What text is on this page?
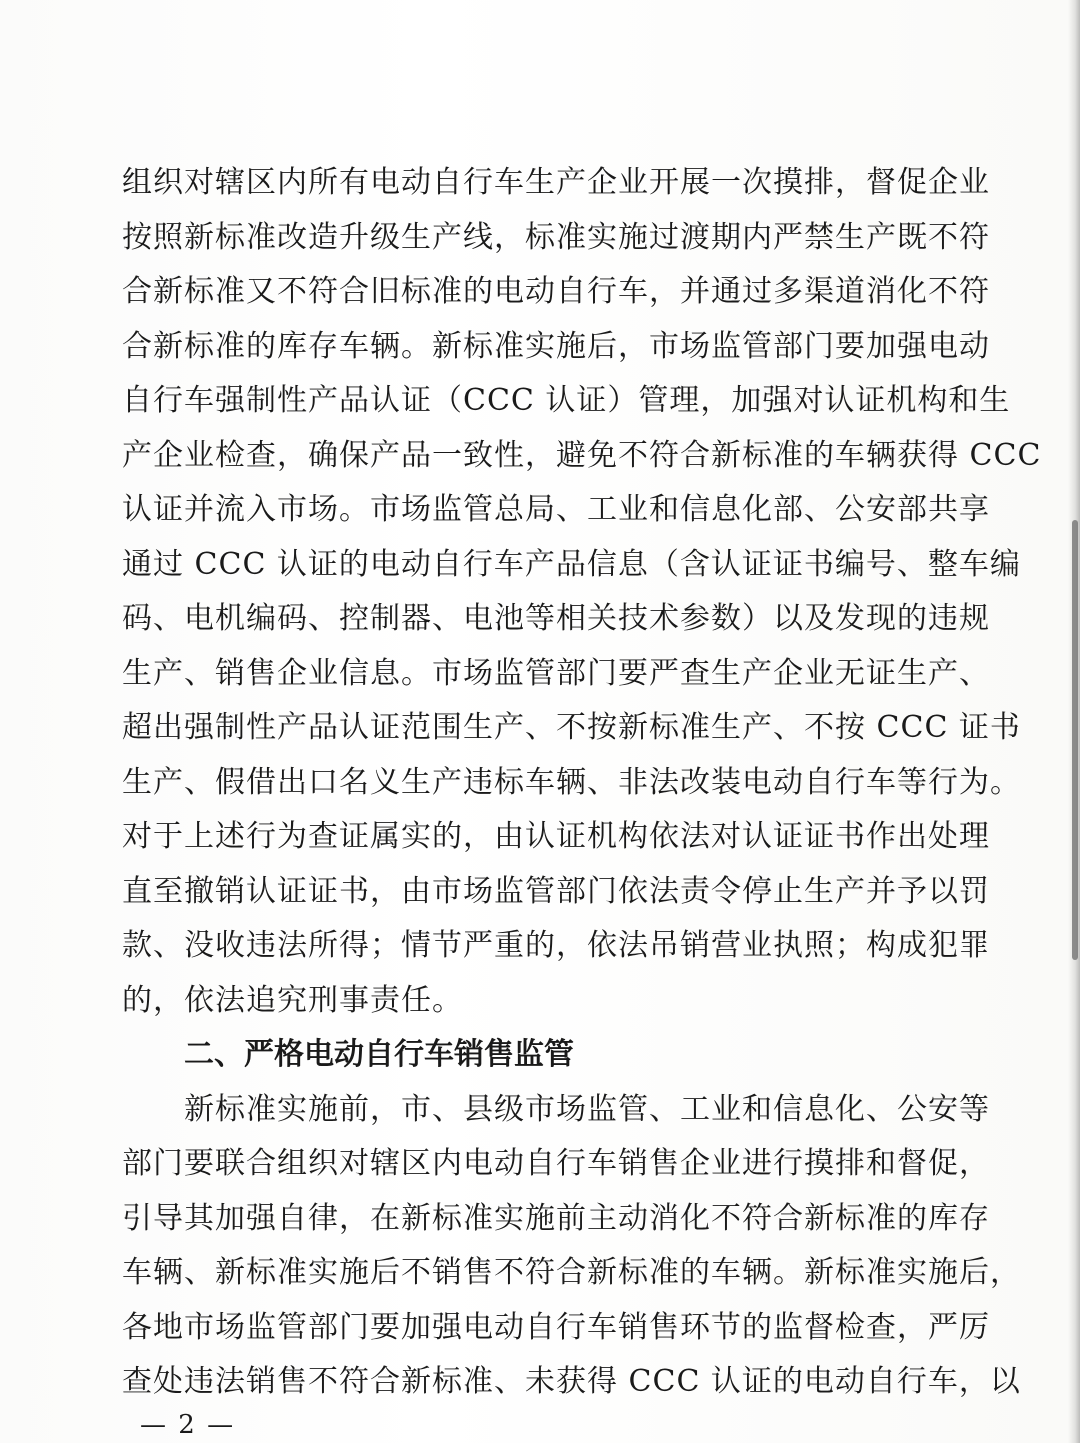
组织对辖区内所有电动自行车生产企业开展一次摸排，督促企业
按照新标准改造升级生产线，标准实施过渡期内严禁生产既不符
合新标准又不符合旧标准的电动自行车，并通过多渠道消化不符
合新标准的库存车辆。新标准实施后，市场监管部门要加强电动
自行车强制性产品认证（CCC 认证）管理，加强对认证机构和生
产企业检查，确保产品一致性，避免不符合新标准的车辆获得 CCC
认证并流入市场。市场监管总局、工业和信息化部、公安部共享
通过 CCC 认证的电动自行车产品信息（含认证证书编号、整车编
码、电机编码、控制器、电池等相关技术参数）以及发现的违规
生产、销售企业信息。市场监管部门要严查生产企业无证生产、
超出强制性产品认证范围生产、不按新标准生产、不按 CCC 证书
生产、假借出口名义生产违标车辆、非法改装电动自行车等行为。
对于上述行为查证属实的，由认证机构依法对认证证书作出处理
直至撤销认证证书，由市场监管部门依法责令停止生产并予以罚
款、没收违法所得；情节严重的，依法吊销营业执照；构成犯罪
的，依法追究刑事责任。
二、严格电动自行车销售监管
　　新标准实施前，市、县级市场监管、工业和信息化、公安等
部门要联合组织对辖区内电动自行车销售企业进行摸排和督促，
引导其加强自律，在新标准实施前主动消化不符合新标准的库存
车辆、新标准实施后不销售不符合新标准的车辆。新标准实施后，
各地市场监管部门要加强电动自行车销售环节的监督检查，严厉
查处违法销售不符合新标准、未获得 CCC 认证的电动自行车，以
— 2 —
